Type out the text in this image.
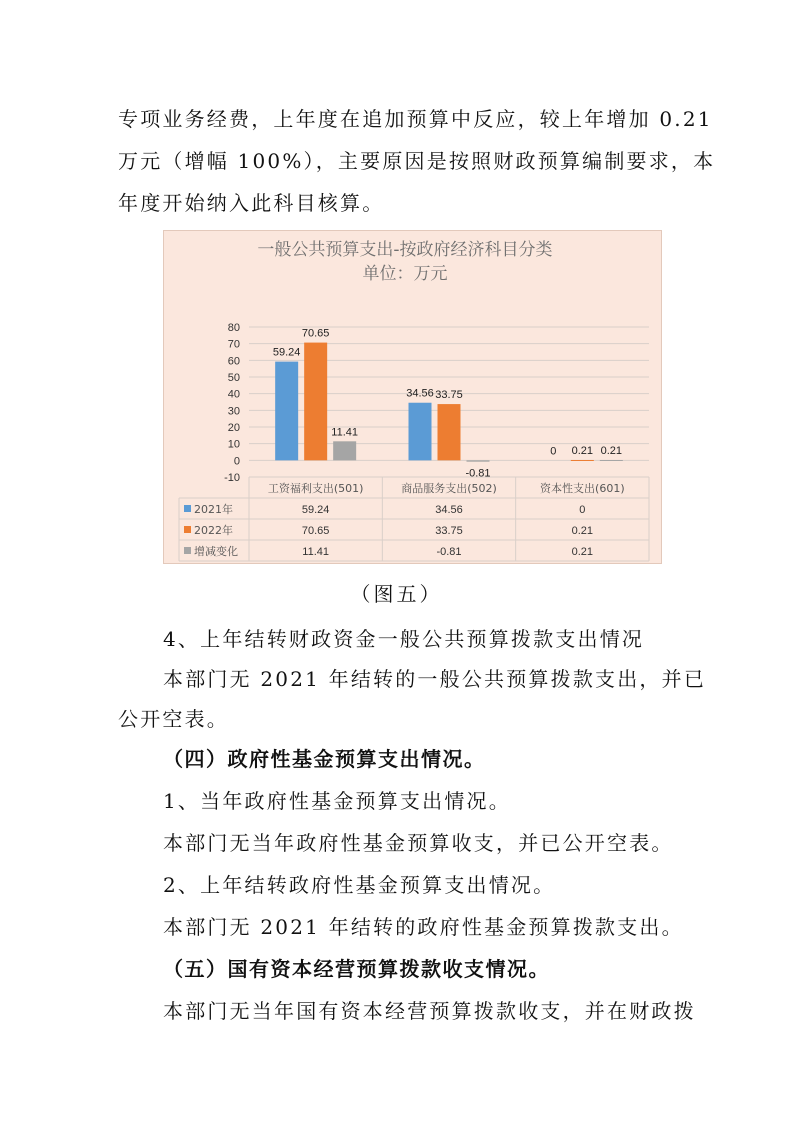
专项业务经费，上年度在追加预算中反应，较上年增加 0.21
万元（增幅 100%），主要原因是按照财政预算编制要求，本
年度开始纳入此科目核算。
一般公共预算支出-按政府经济科目分类
单位：万元
-10
0
10
20
30
40
50
60
70
80
59.24
34.56
0
70.65
33.75
0.21
11.41
-0.81
0.21
工资福利支出(501)	商品服务支出(502)	资本性支出(601)
2021年	59.24	34.56	0
2022年	70.65	33.75	0.21
增减变化	11.41	-0.81	0.21
（图五）
4、上年结转财政资金一般公共预算拨款支出情况
本部门无 2021 年结转的一般公共预算拨款支出，并已
公开空表。
（四）政府性基金预算支出情况。
1、当年政府性基金预算支出情况。
本部门无当年政府性基金预算收支，并已公开空表。
2、上年结转政府性基金预算支出情况。
本部门无 2021 年结转的政府性基金预算拨款支出。
（五）国有资本经营预算拨款收支情况。
本部门无当年国有资本经营预算拨款收支，并在财政拨
